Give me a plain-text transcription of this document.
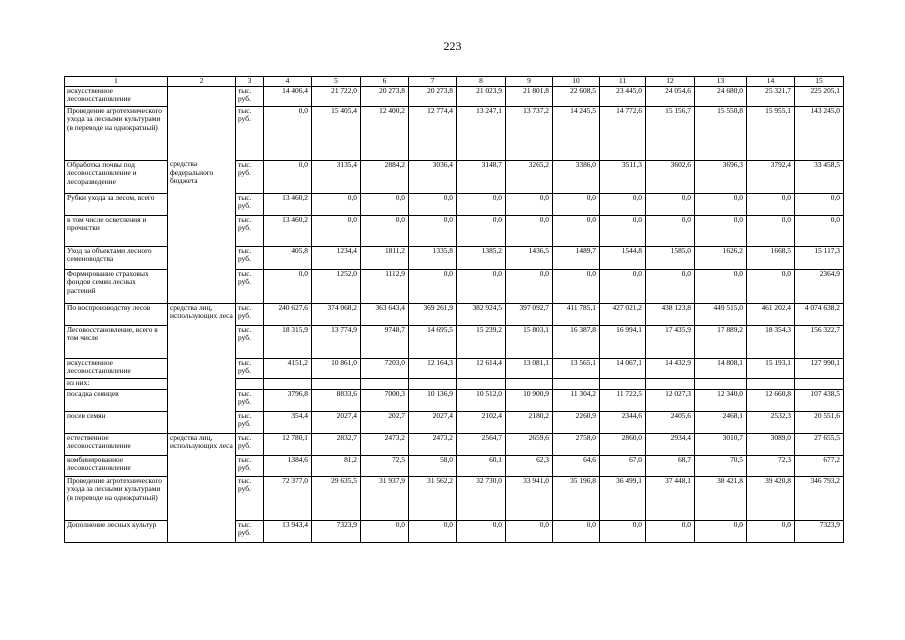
223
1	2	3	4	5	6	7	8	9	10	11	12	13	14	15
искусственное лесовосстановление		тыс. руб.	14 406,4	21 722,0	20 273,8	20 273,8	21 023,9	21 801,8	22 608,5	23 445,0	24 054,6	24 680,0	25 321,7	225 205,1
Проведение агротехнического ухода за лесными культурами (в переводе на однократный)		тыс. руб.	0,0	15 405,4	12 400,2	12 774,4	13 247,1	13 737,2	14 245,5	14 772,6	15 156,7	15 550,8	15 955,1	143 245,0
Обработка почвы под лесовосстановление и лесоразведение	средства федерального бюджета	тыс. руб.	0,0	3135,4	2884,2	3036,4	3148,7	3265,2	3386,0	3511,3	3602,6	3696,3	3792,4	33 458,5
Рубки ухода за лесом, всего		тыс. руб.	13 460,2	0,0	0,0	0,0	0,0	0,0	0,0	0,0	0,0	0,0	0,0	0,0
в том числе осветления и прочистки		тыс. руб.	13 460,2	0,0	0,0	0,0	0,0	0,0	0,0	0,0	0,0	0,0	0,0	0,0
Уход за объектами лесного семеноводства		тыс. руб.	405,8	1234,4	1811,2	1335,8	1385,2	1436,5	1489,7	1544,8	1585,0	1626,2	1668,5	15 117,3
Формирование страховых фондов семян лесных растений		тыс. руб.	0,0	1252,0	1112,9	0,0	0,0	0,0	0,0	0,0	0,0	0,0	0,0	2364,9
По воспроизводству лесов	средства лиц, использующих леса	тыс. руб.	240 627,6	374 068,2	363 643,4	369 261,9	382 924,5	397 092,7	411 785,1	427 021,2	438 123,8	449 515,0	461 202,4	4 074 638,2
Лесовосстановление, всего в том числе		тыс. руб.	18 315,9	13 774,9	9748,7	14 695,5	15 239,2	15 803,1	16 387,8	16 994,1	17 435,9	17 889,2	18 354,3	156 322,7
искусственное лесовосстановление		тыс. руб.	4151,2	10 861,0	7203,0	12 164,3	12 614,4	13 081,1	13 565,1	14 067,1	14 432,9	14 808,1	15 193,1	127 990,1
из них:														
посадка сеянцев		тыс. руб.	3796,8	8833,6	7000,3	10 136,9	10 512,0	10 900,9	11 304,2	11 722,5	12 027,3	12 340,0	12 660,8	107 438,5
посев семян		тыс. руб.	354,4	2027,4	202,7	2027,4	2102,4	2180,2	2260,9	2344,6	2405,6	2468,1	2532,3	20 551,6
естественное лесовосстановление	средства лиц, использующих леса	тыс. руб.	12 780,1	2832,7	2473,2	2473,2	2564,7	2659,6	2758,0	2860,0	2934,4	3010,7	3089,0	27 655,5
комбинированное лесовосстановление		тыс. руб.	1384,6	81,2	72,5	58,0	60,1	62,3	64,6	67,0	68,7	70,5	72,3	677,2
Проведение агротехнического ухода за лесными культурами (в переводе на однократный)		тыс. руб.	72 377,0	29 635,5	31 937,9	31 562,2	32 730,0	33 941,0	35 196,8	36 499,1	37 448,1	38 421,8	39 420,8	346 793,2
Дополнение лесных культур		тыс. руб.	13 943,4	7323,9	0,0	0,0	0,0	0,0	0,0	0,0	0,0	0,0	0,0	7323,9
